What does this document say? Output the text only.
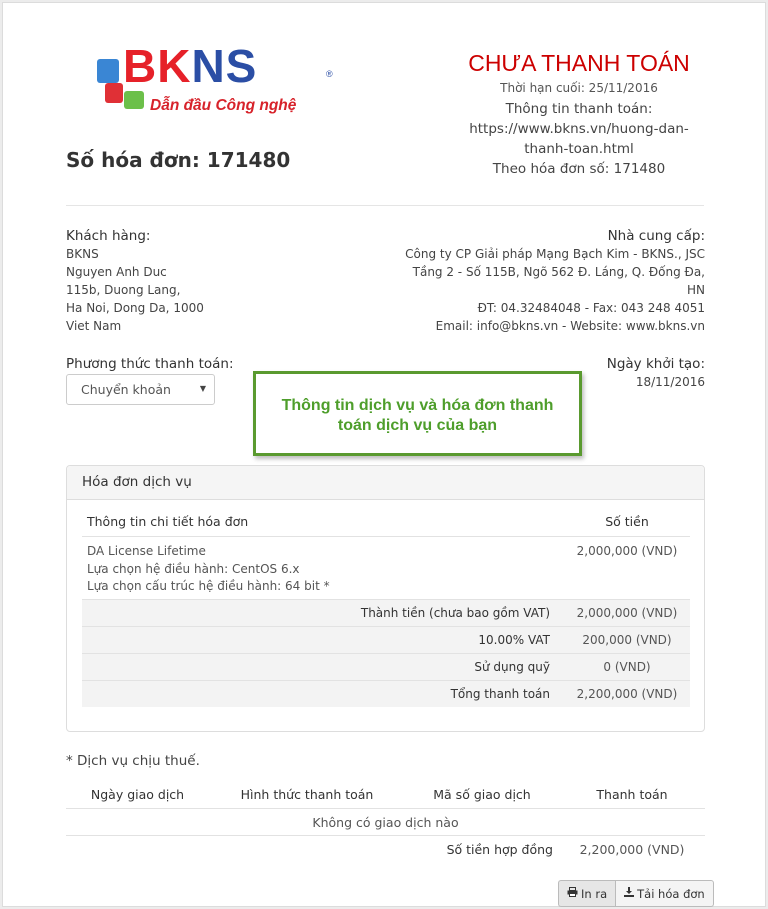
BKNS	®
Dẫn đầu Công nghệ
Số hóa đơn: 171480
CHƯA THANH TOÁN
Thời hạn cuối: 25/11/2016
Thông tin thanh toán:
https://www.bkns.vn/huong-dan-
thanh-toan.html
Theo hóa đơn số: 171480
Khách hàng:
BKNS
Nguyen Anh Duc
115b, Duong Lang,
Ha Noi, Dong Da, 1000
Viet Nam
Nhà cung cấp:
Công ty CP Giải pháp Mạng Bạch Kim - BKNS., JSC
Tầng 2 - Số 115B, Ngõ 562 Đ. Láng, Q. Đống Đa,
HN
ĐT: 04.32484048 - Fax: 043 248 4051
Email: info@bkns.vn - Website: www.bkns.vn
Phương thức thanh toán:
Chuyển khoản	▼
Ngày khởi tạo:
18/11/2016
Thông tin dịch vụ và hóa đơn thanh
toán dịch vụ của bạn
Hóa đơn dịch vụ
Thông tin chi tiết hóa đơn	Số tiền
DA License Lifetime
Lựa chọn hệ điều hành: CentOS 6.x
Lựa chọn cấu trúc hệ điều hành: 64 bit *
2,000,000 (VND)
Thành tiền (chưa bao gồm VAT)	2,000,000 (VND)
10.00% VAT	200,000 (VND)
Sử dụng quỹ	0 (VND)
Tổng thanh toán	2,200,000 (VND)
* Dịch vụ chịu thuế.
Ngày giao dịch	Hình thức thanh toán	Mã số giao dịch	Thanh toán
Không có giao dịch nào
Số tiền hợp đồng	2,200,000 (VND)
In ra	Tải hóa đơn
